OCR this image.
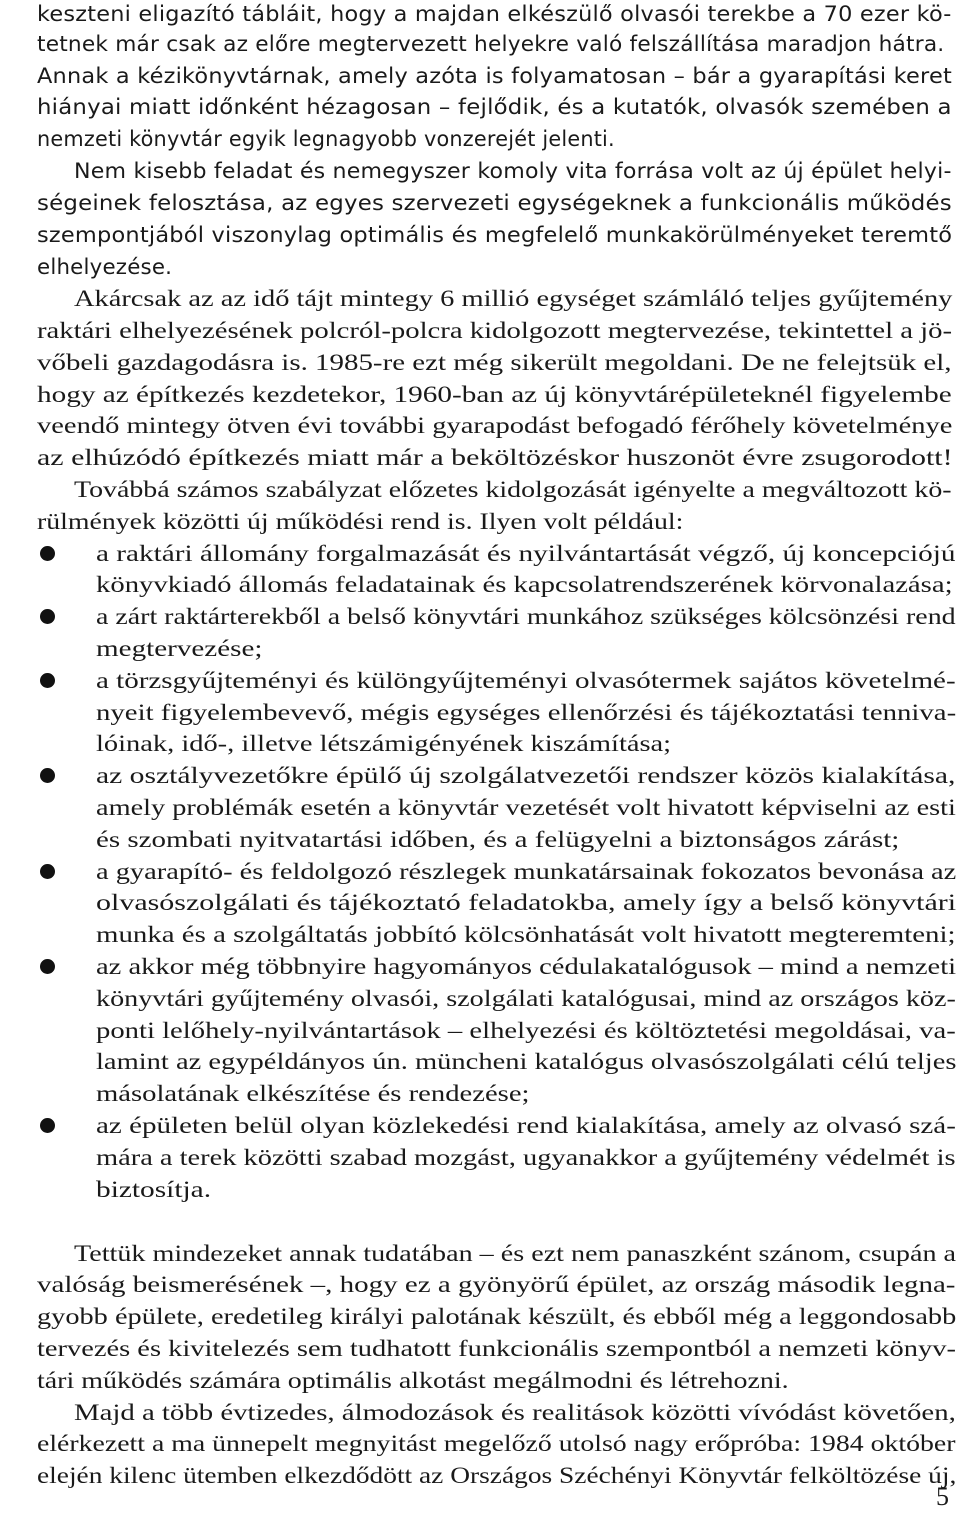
keszteni eligazító tábláit, hogy a majdan elkészülő olvasói terekbe a 70 ezer kö-
tetnek már csak az előre megtervezett helyekre való felszállítása maradjon hátra.
Annak a kézikönyvtárnak, amely azóta is folyamatosan – bár a gyarapítási keret
hiányai miatt időnként hézagosan – fejlődik, és a kutatók, olvasók szemében a
nemzeti könyvtár egyik legnagyobb vonzerejét jelenti.
Nem kisebb feladat és nemegyszer komoly vita forrása volt az új épület helyi-
ségeinek felosztása, az egyes szervezeti egységeknek a funkcionális működés
szempontjából viszonylag optimális és megfelelő munkakörülményeket teremtő
elhelyezése.
Akárcsak az az idő tájt mintegy 6 millió egységet számláló teljes gyűjtemény
raktári elhelyezésének polcról-polcra kidolgozott megtervezése, tekintettel a jö-
vőbeli gazdagodásra is. 1985-re ezt még sikerült megoldani. De ne felejtsük el,
hogy az építkezés kezdetekor, 1960-ban az új könyvtárépületeknél figyelembe
veendő mintegy ötven évi további gyarapodást befogadó férőhely követelménye
az elhúzódó építkezés miatt már a beköltözéskor huszonöt évre zsugorodott!
Továbbá számos szabályzat előzetes kidolgozását igényelte a megváltozott kö-
rülmények közötti új működési rend is. Ilyen volt például:
a raktári állomány forgalmazását és nyilvántartását végző, új koncepciójú
könyvkiadó állomás feladatainak és kapcsolatrendszerének körvonalazása;
a zárt raktárterekből a belső könyvtári munkához szükséges kölcsönzési rend
megtervezése;
a törzsgyűjteményi és különgyűjteményi olvasótermek sajátos követelmé-
nyeit figyelembevevő, mégis egységes ellenőrzési és tájékoztatási tenniva-
lóinak, idő-, illetve létszámigényének kiszámítása;
az osztályvezetőkre épülő új szolgálatvezetői rendszer közös kialakítása,
amely problémák esetén a könyvtár vezetését volt hivatott képviselni az esti
és szombati nyitvatartási időben, és a felügyelni a biztonságos zárást;
a gyarapító- és feldolgozó részlegek munkatársainak fokozatos bevonása az
olvasószolgálati és tájékoztató feladatokba, amely így a belső könyvtári
munka és a szolgáltatás jobbító kölcsönhatását volt hivatott megteremteni;
az akkor még többnyire hagyományos cédulakatalógusok – mind a nemzeti
könyvtári gyűjtemény olvasói, szolgálati katalógusai, mind az országos köz-
ponti lelőhely-nyilvántartások – elhelyezési és költöztetési megoldásai, va-
lamint az egypéldányos ún. müncheni katalógus olvasószolgálati célú teljes
másolatának elkészítése és rendezése;
az épületen belül olyan közlekedési rend kialakítása, amely az olvasó szá-
mára a terek közötti szabad mozgást, ugyanakkor a gyűjtemény védelmét is
biztosítja.
Tettük mindezeket annak tudatában – és ezt nem panaszként szánom, csupán a
valóság beismerésének –, hogy ez a gyönyörű épület, az ország második legna-
gyobb épülete, eredetileg királyi palotának készült, és ebből még a leggondosabb
tervezés és kivitelezés sem tudhatott funkcionális szempontból a nemzeti könyv-
tári működés számára optimális alkotást megálmodni és létrehozni.
Majd a több évtizedes, álmodozások és realitások közötti vívódást követően,
elérkezett a ma ünnepelt megnyitást megelőző utolsó nagy erőpróba: 1984 október
elején kilenc ütemben elkezdődött az Országos Széchényi Könyvtár felköltözése új,
5
